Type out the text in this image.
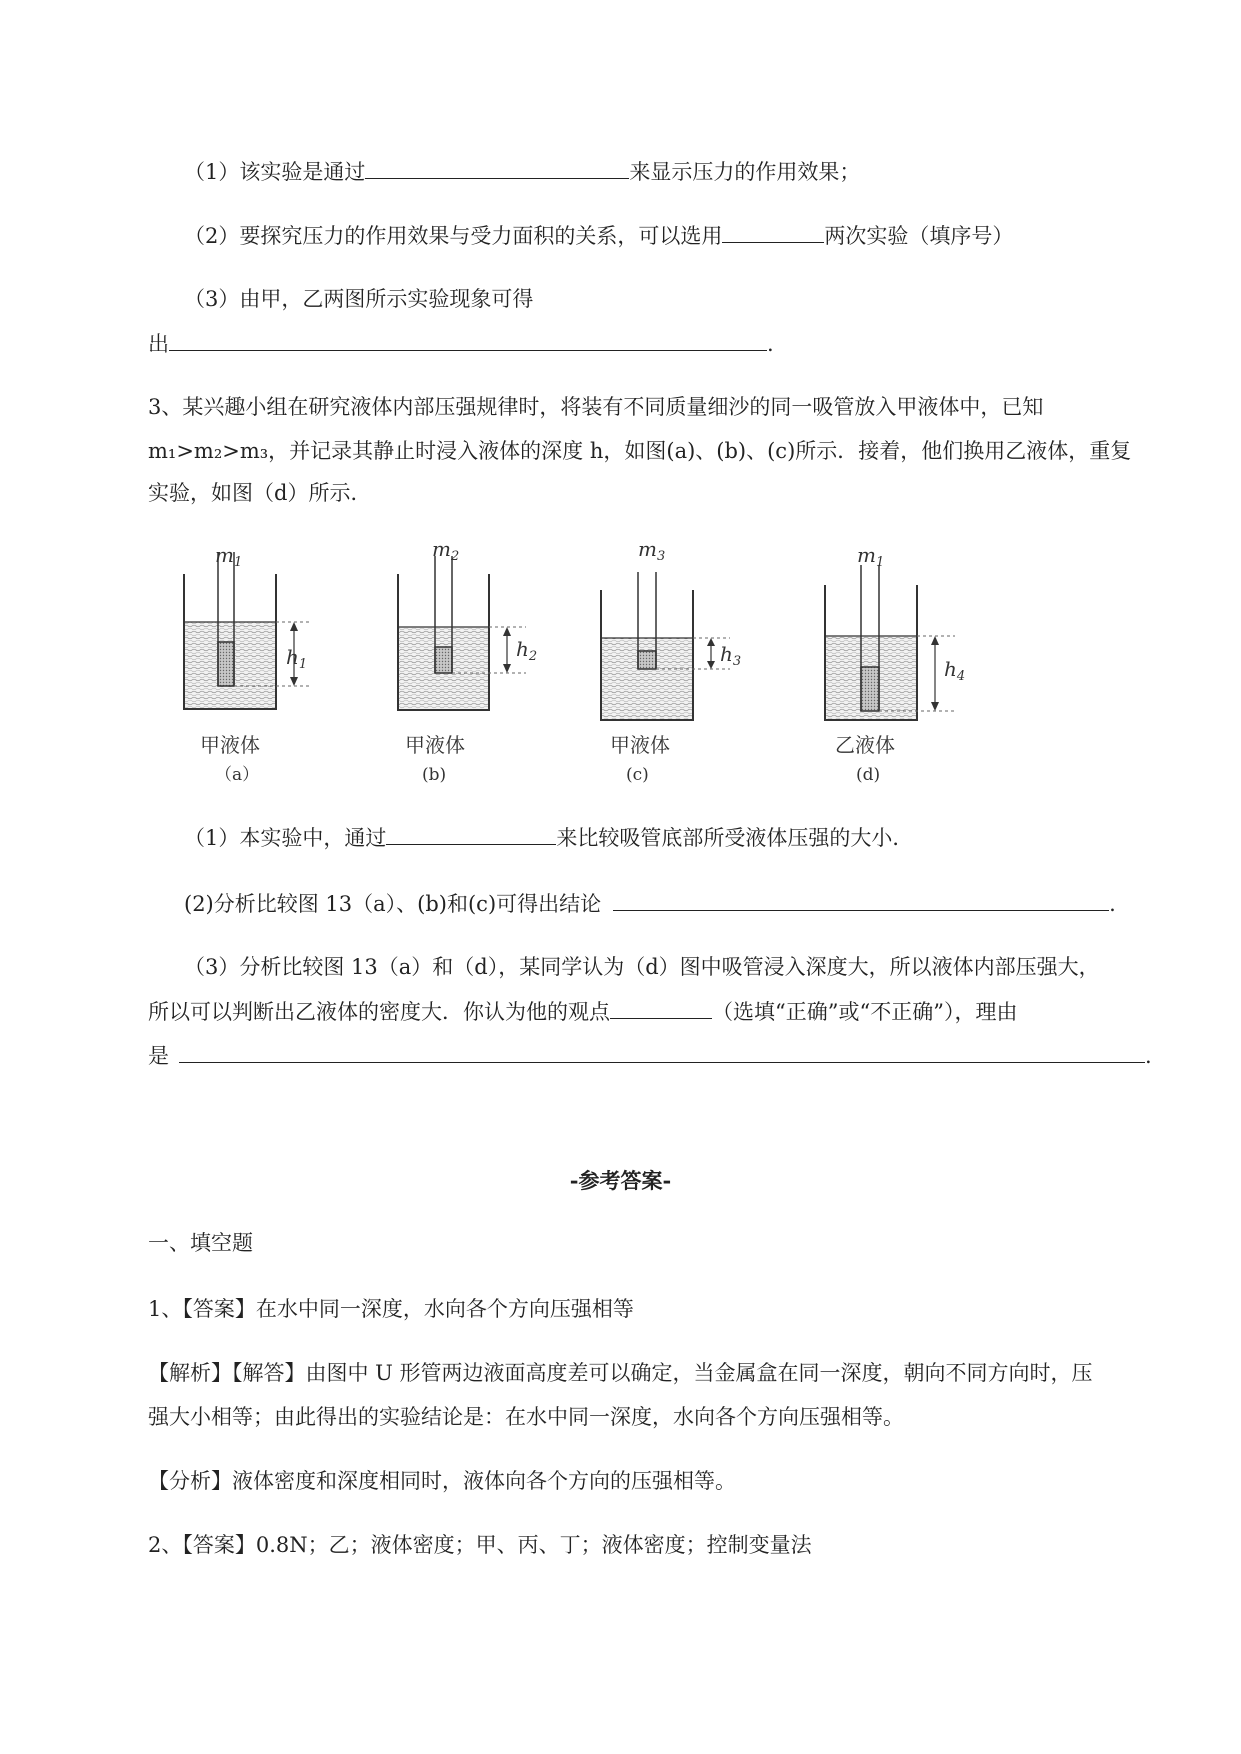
（1）该实验是通过	来显示压力的作用效果；
（2）要探究压力的作用效果与受力面积的关系，可以选用	两次实验（填序号）
（3）由甲，乙两图所示实验现象可得
出	.
3、某兴趣小组在研究液体内部压强规律时，将装有不同质量细沙的同一吸管放入甲液体中，已知
m₁>m₂>m₃，并记录其静止时浸入液体的深度 h，如图(a)、(b)、(c)所示．接着，他们换用乙液体，重复
实验，如图（d）所示．
$m_1$
$h_1$
甲液体
（a）
$m_2$
$h_2$
甲液体
(b)
$m_3$
$h_3$
甲液体
(c)
$m_1$
$h_4$
乙液体
(d)
（1）本实验中，通过	来比较吸管底部所受液体压强的大小．
(2)分析比较图 13（a）、(b)和(c)可得出结论	.
（3）分析比较图 13（a）和（d），某同学认为（d）图中吸管浸入深度大，所以液体内部压强大，
所以可以判断出乙液体的密度大．你认为他的观点	（选填“正确”或“不正确”），理由
是	.
-参考答案-
一、填空题
1、【答案】在水中同一深度，水向各个方向压强相等
【解析】【解答】由图中 U 形管两边液面高度差可以确定，当金属盒在同一深度，朝向不同方向时，压
强大小相等；由此得出的实验结论是：在水中同一深度，水向各个方向压强相等。
【分析】液体密度和深度相同时，液体向各个方向的压强相等。
2、【答案】0.8N；乙；液体密度；甲、丙、丁；液体密度；控制变量法
